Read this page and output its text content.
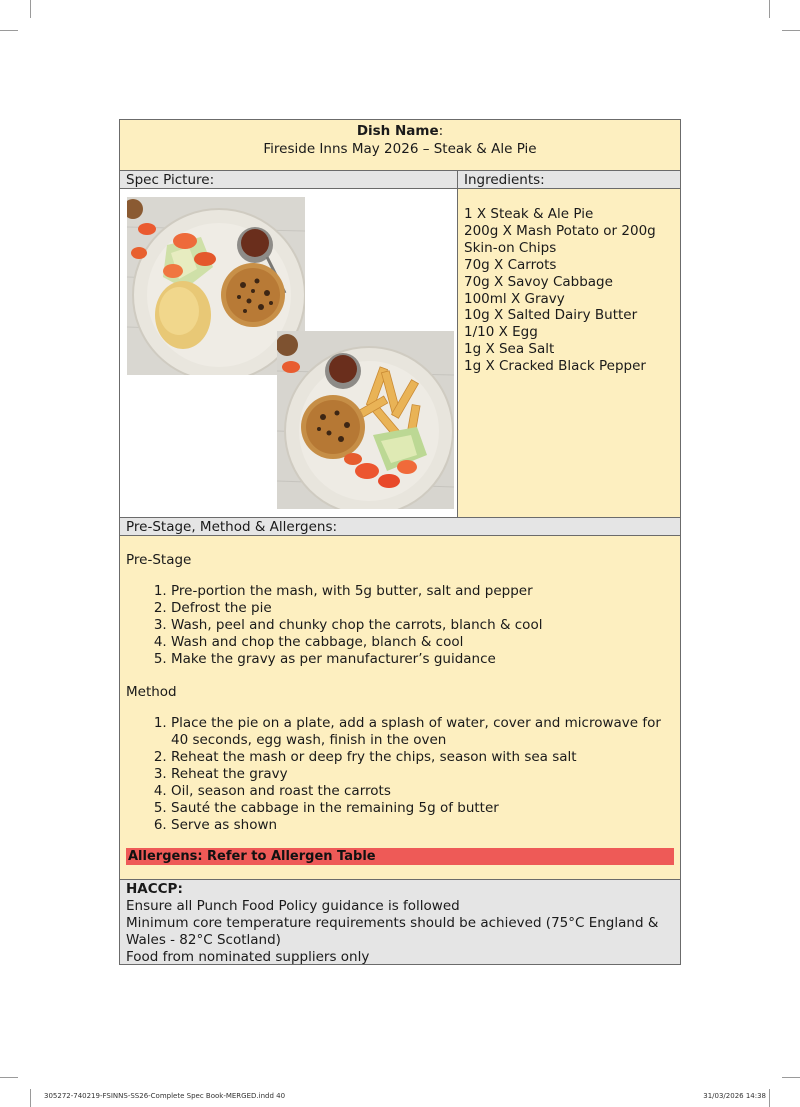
Dish Name:
Fireside Inns May 2026 – Steak & Ale Pie
Spec Picture:	Ingredients:
1 X Steak & Ale Pie
200g X Mash Potato or 200g
Skin-on Chips
70g X Carrots
70g X Savoy Cabbage
100ml X Gravy
10g X Salted Dairy Butter
1/10 X Egg
1g X Sea Salt
1g X Cracked Black Pepper
Pre-Stage, Method & Allergens:

Pre-Stage

1. Pre-portion the mash, with 5g butter, salt and pepper
2. Defrost the pie
3. Wash, peel and chunky chop the carrots, blanch & cool
4. Wash and chop the cabbage, blanch & cool
5. Make the gravy as per manufacturer’s guidance

Method

1. Place the pie on a plate, add a splash of water, cover and microwave for 40 seconds, egg wash, finish in the oven
2. Reheat the mash or deep fry the chips, season with sea salt
3. Reheat the gravy
4. Oil, season and roast the carrots
5. Sauté the cabbage in the remaining 5g of butter
6. Serve as shown
Allergens: Refer to Allergen Table
HACCP:
Ensure all Punch Food Policy guidance is followed
Minimum core temperature requirements should be achieved (75°C England & Wales - 82°C Scotland)
Food from nominated suppliers only
305272-740219-FSINNS-SS26-Complete Spec Book-MERGED.indd 40	31/03/2026 14:38
